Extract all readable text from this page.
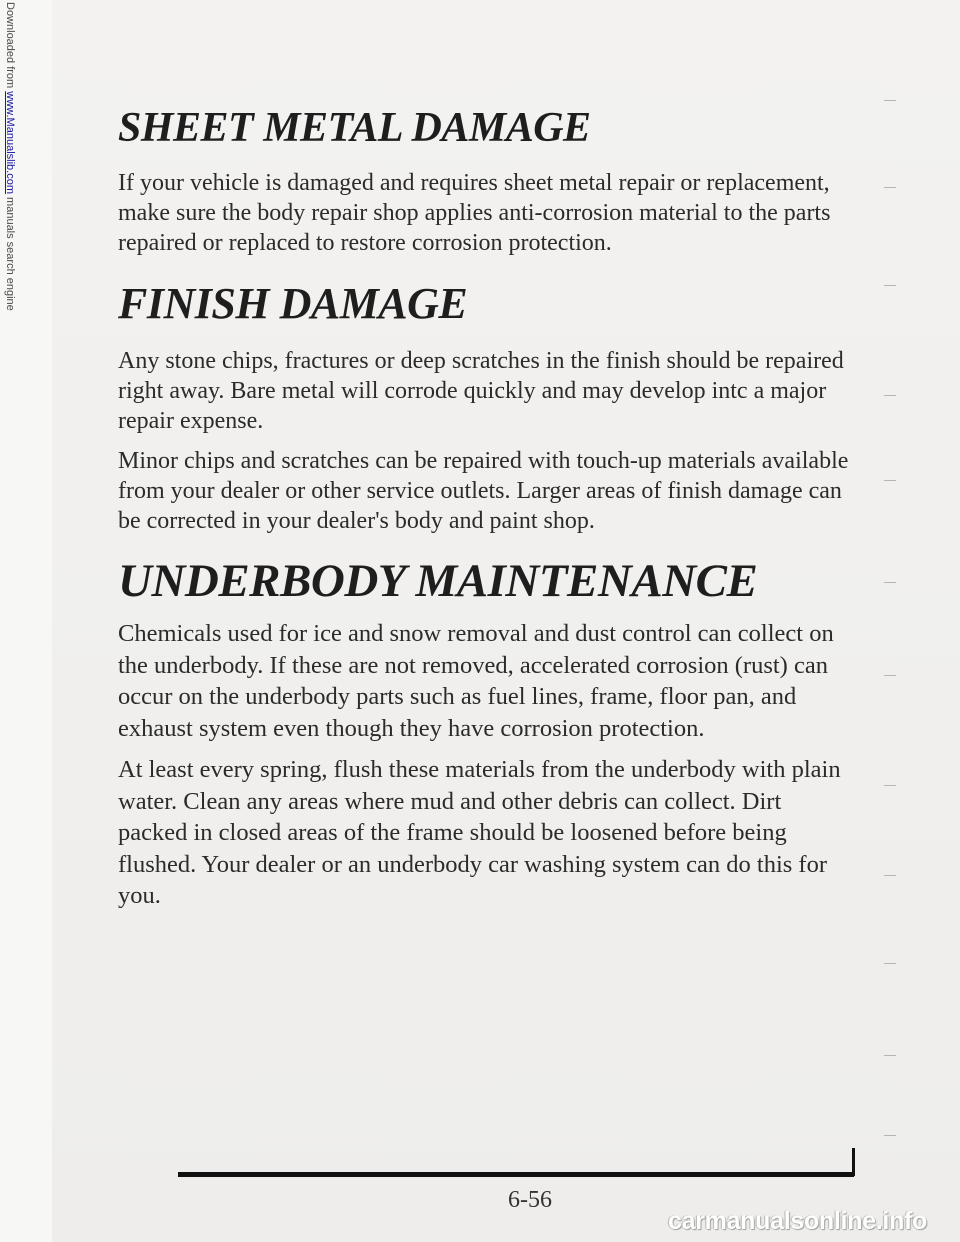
Downloaded from www.Manualslib.com manuals search engine
SHEET METAL DAMAGE

If your vehicle is damaged and requires sheet metal repair or replacement, make sure the body repair shop applies anti-corrosion material to the parts repaired or replaced to restore corrosion protection.

FINISH DAMAGE

Any stone chips, fractures or deep scratches in the finish should be repaired right away. Bare metal will corrode quickly and may develop intc a major repair expense.

Minor chips and scratches can be repaired with touch-up materials available from your dealer or other service outlets. Larger areas of finish damage can be corrected in your dealer's body and paint shop.

UNDERBODY MAINTENANCE

Chemicals used for ice and snow removal and dust control can collect on the underbody. If these are not removed, accelerated corrosion (rust) can occur on the underbody parts such as fuel lines, frame, floor pan, and exhaust system even though they have corrosion protection.

At least every spring, flush these materials from the underbody with plain water. Clean any areas where mud and other debris can collect. Dirt packed in closed areas of the frame should be loosened before being flushed. Your dealer or an underbody car washing system can do this for you.

6-56
carmanualsonline.info
